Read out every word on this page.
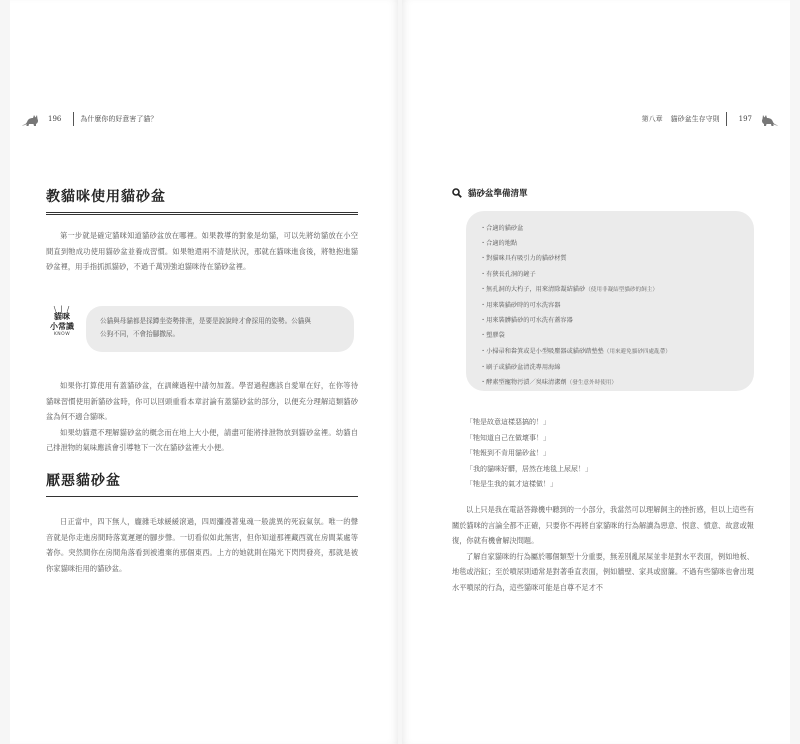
196	為什麼你的好意害了貓？
教貓咪使用貓砂盆

第一步就是確定貓咪知道貓砂盆放在哪裡。如果教導的對象是幼貓，可以先將幼貓放在小空間直到牠成功使用貓砂盆並養成習慣。如果牠還兩不清楚狀況，那就在貓咪進食後，將牠抱進貓砂盆裡，用手指抓抓貓砂，不過千萬別強迫貓咪待在貓砂盆裡。

\ | /
貓咪
小常識
KNOW
公貓與母貓都是採蹲坐姿勢排泄，是要是說說時才會採用的姿勢。公貓與
公狗不同，不會抬腳撒尿。

如果你打算使用有蓋貓砂盆，在訓練過程中請勿加蓋。學習過程應該自愛單在好，在你等待貓咪習慣使用新貓砂盆時，你可以回頭重看本章討論有蓋貓砂盆的部分，以便充分理解這類貓砂盆為何不適合貓咪。

如果幼貓還不理解貓砂盆的概念而在地上大小便，請盡可能將排泄物放到貓砂盆裡。幼貓自己排泄物的氣味應該會引導牠下一次在貓砂盆裡大小便。

厭惡貓砂盆

日正當中，四下無人，龐雜毛球緩緩滾過，四周瀰漫著鬼魂一般詭異的死寂氣氛。唯一的聲音就是你走進房間時落寞遲遲的腳步聲。一切看似如此無害，但你知道那裡藏西就在房間某處等著你。突然間你在房間角落看到被遺棄的那個東西。上方的她就則在陽光下閃閃發亮，那就是被你家貓咪拒用的貓砂盆。

第八章 貓砂盆生存守則	197
貓砂盆準備清單
・合適的貓砂盆
・合適的地點
・對貓咪具有吸引力的貓砂材質
・有狹長孔洞的鏟子
・無孔洞的大杓子，用來清除凝結貓砂（使用非凝結型貓砂的飼主）
・用來裝貓砂時的可水洗容器
・用來裝髒貓砂的可水洗有蓋容器
・塑膠袋
・小掃帚和畚箕或是小型吸塵器或貓砂踏墊墊（用來避免貓砂四處亂帶）
・刷子或貓砂盆清洗專用海綿
・酵素型寵物污漬／臭味清潔劑（發生意外時使用）
「牠是故意這樣惡搞的！」
「牠知道自己在做壞事！」
「牠報到不肯用貓砂盆！」
「我的貓咪好髒，居然在地毯上尿尿！」
「牠是生我的氣才這樣做！」

以上只是我在電話答錄機中聽到的一小部分，我當然可以理解飼主的挫折感，但以上這些有關於貓咪的言論全都不正確，只要你不再將自家貓咪的行為解讀為惡意、恨意、憤意、故意或報復，你就有機會解決問題。

了解自家貓咪的行為屬於哪個類型十分重要，無差別亂尿屎並非是對水平表面，例如地板、地毯或浴缸；至於噴尿則通常是對著垂直表面，例如牆壁、家具或窗簾。不過有些貓咪也會出現水平噴尿的行為，這些貓咪可能是自尊不足才不
